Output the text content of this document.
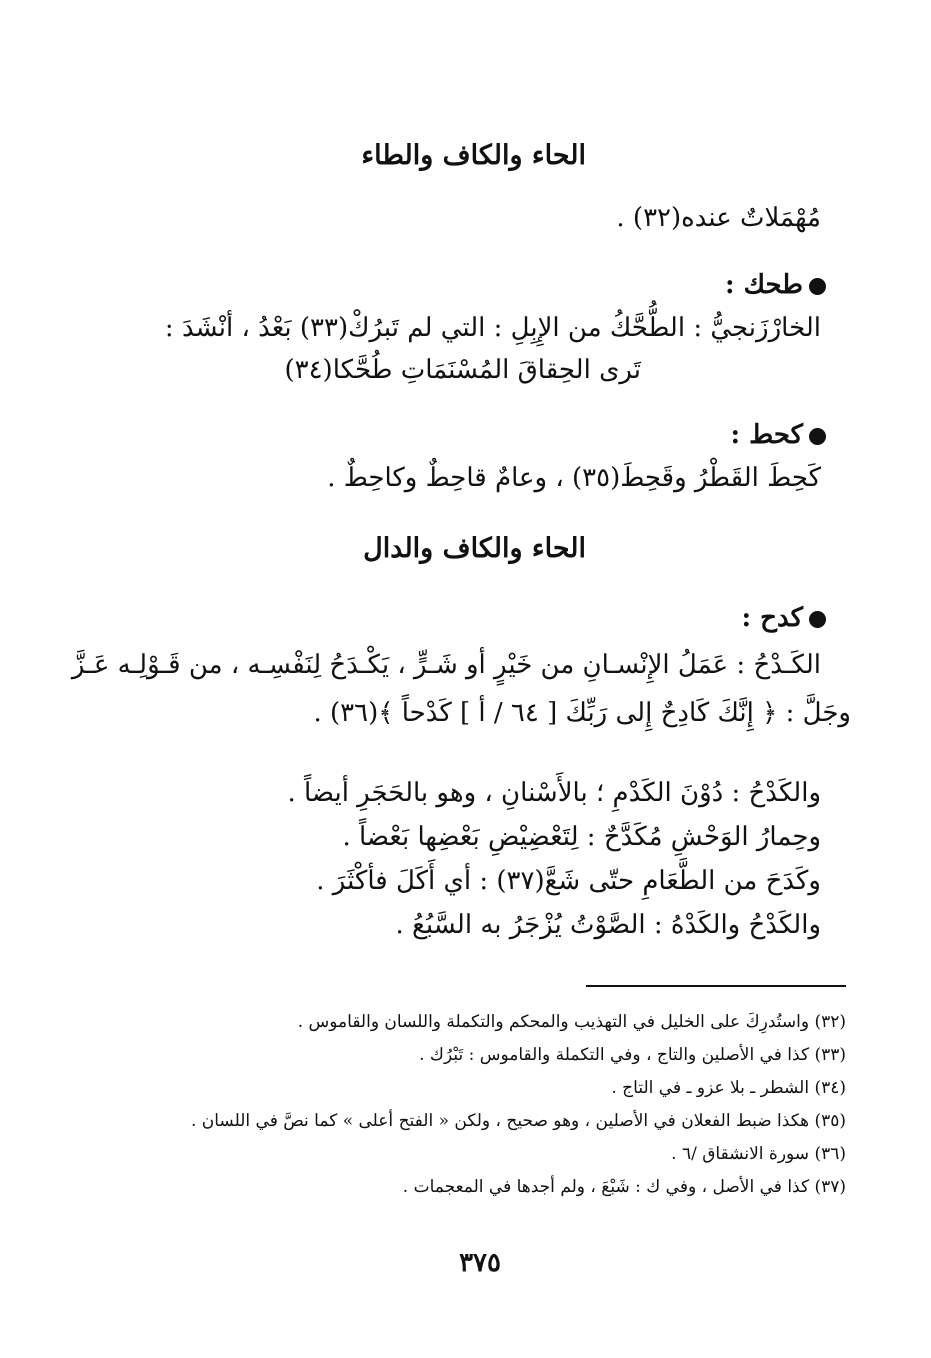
الحاء والكاف والطاء
مُهْمَلاتٌ عنده(٣٢) .
طحك :
الخارْزَنجيُّ : الطُّحَّكُ من الإِبِلِ : التي لم تَبرُكْ(٣٣) بَعْدُ ، أنْشَدَ :
تَرى الحِقاقَ المُسْنَمَاتِ طُحَّكا(٣٤)
كحط :
كَحِطَ القَطْرُ وقَحِطَ(٣٥) ، وعامٌ قاحِطٌ وكاحِطٌ .
الحاء والكاف والدال
كدح :
الكَـدْحُ : عَمَلُ الإِنْسـانِ من خَيْرٍ أو شَـرٍّ ، يَكْـدَحُ لِنَفْسِـه ، من قَـوْلِـه عَـزَّ
وجَلَّ : ﴿ إِنَّكَ كَادِحٌ إِلى رَبِّكَ [ ٦٤ / أ ] كَدْحاً ﴾(٣٦) .
والكَدْحُ : دُوْنَ الكَدْمِ ؛ بالأَسْنانِ ، وهو بالحَجَرِ أيضاً .
وحِمارُ الوَحْشِ مُكَدَّحٌ : لِتَعْضِيْضِ بَعْضِها بَعْضاً .
وكَدَحَ من الطَّعَامِ حتّى شَعَّ(٣٧) : أي أَكَلَ فأكْثَرَ .
والكَدْحُ والكَدْهُ : الصَّوْتُ يُزْجَرُ به السَّبُعُ .
(٣٢) واستُدرِكَ على الخليل في التهذيب والمحكم والتكملة واللسان والقاموس .
(٣٣) كذا في الأصلين والتاج ، وفي التكملة والقاموس : تَبْرُك .
(٣٤) الشطر ـ بلا عزو ـ في التاج .
(٣٥) هكذا ضبط الفعلان في الأصلين ، وهو صحيح ، ولكن « الفتح أعلى » كما نصَّ في اللسان .
(٣٦) سورة الانشقاق /٦ .
(٣٧) كذا في الأصل ، وفي ك : شَبْعَ ، ولم أجدها في المعجمات .
٣٧٥
